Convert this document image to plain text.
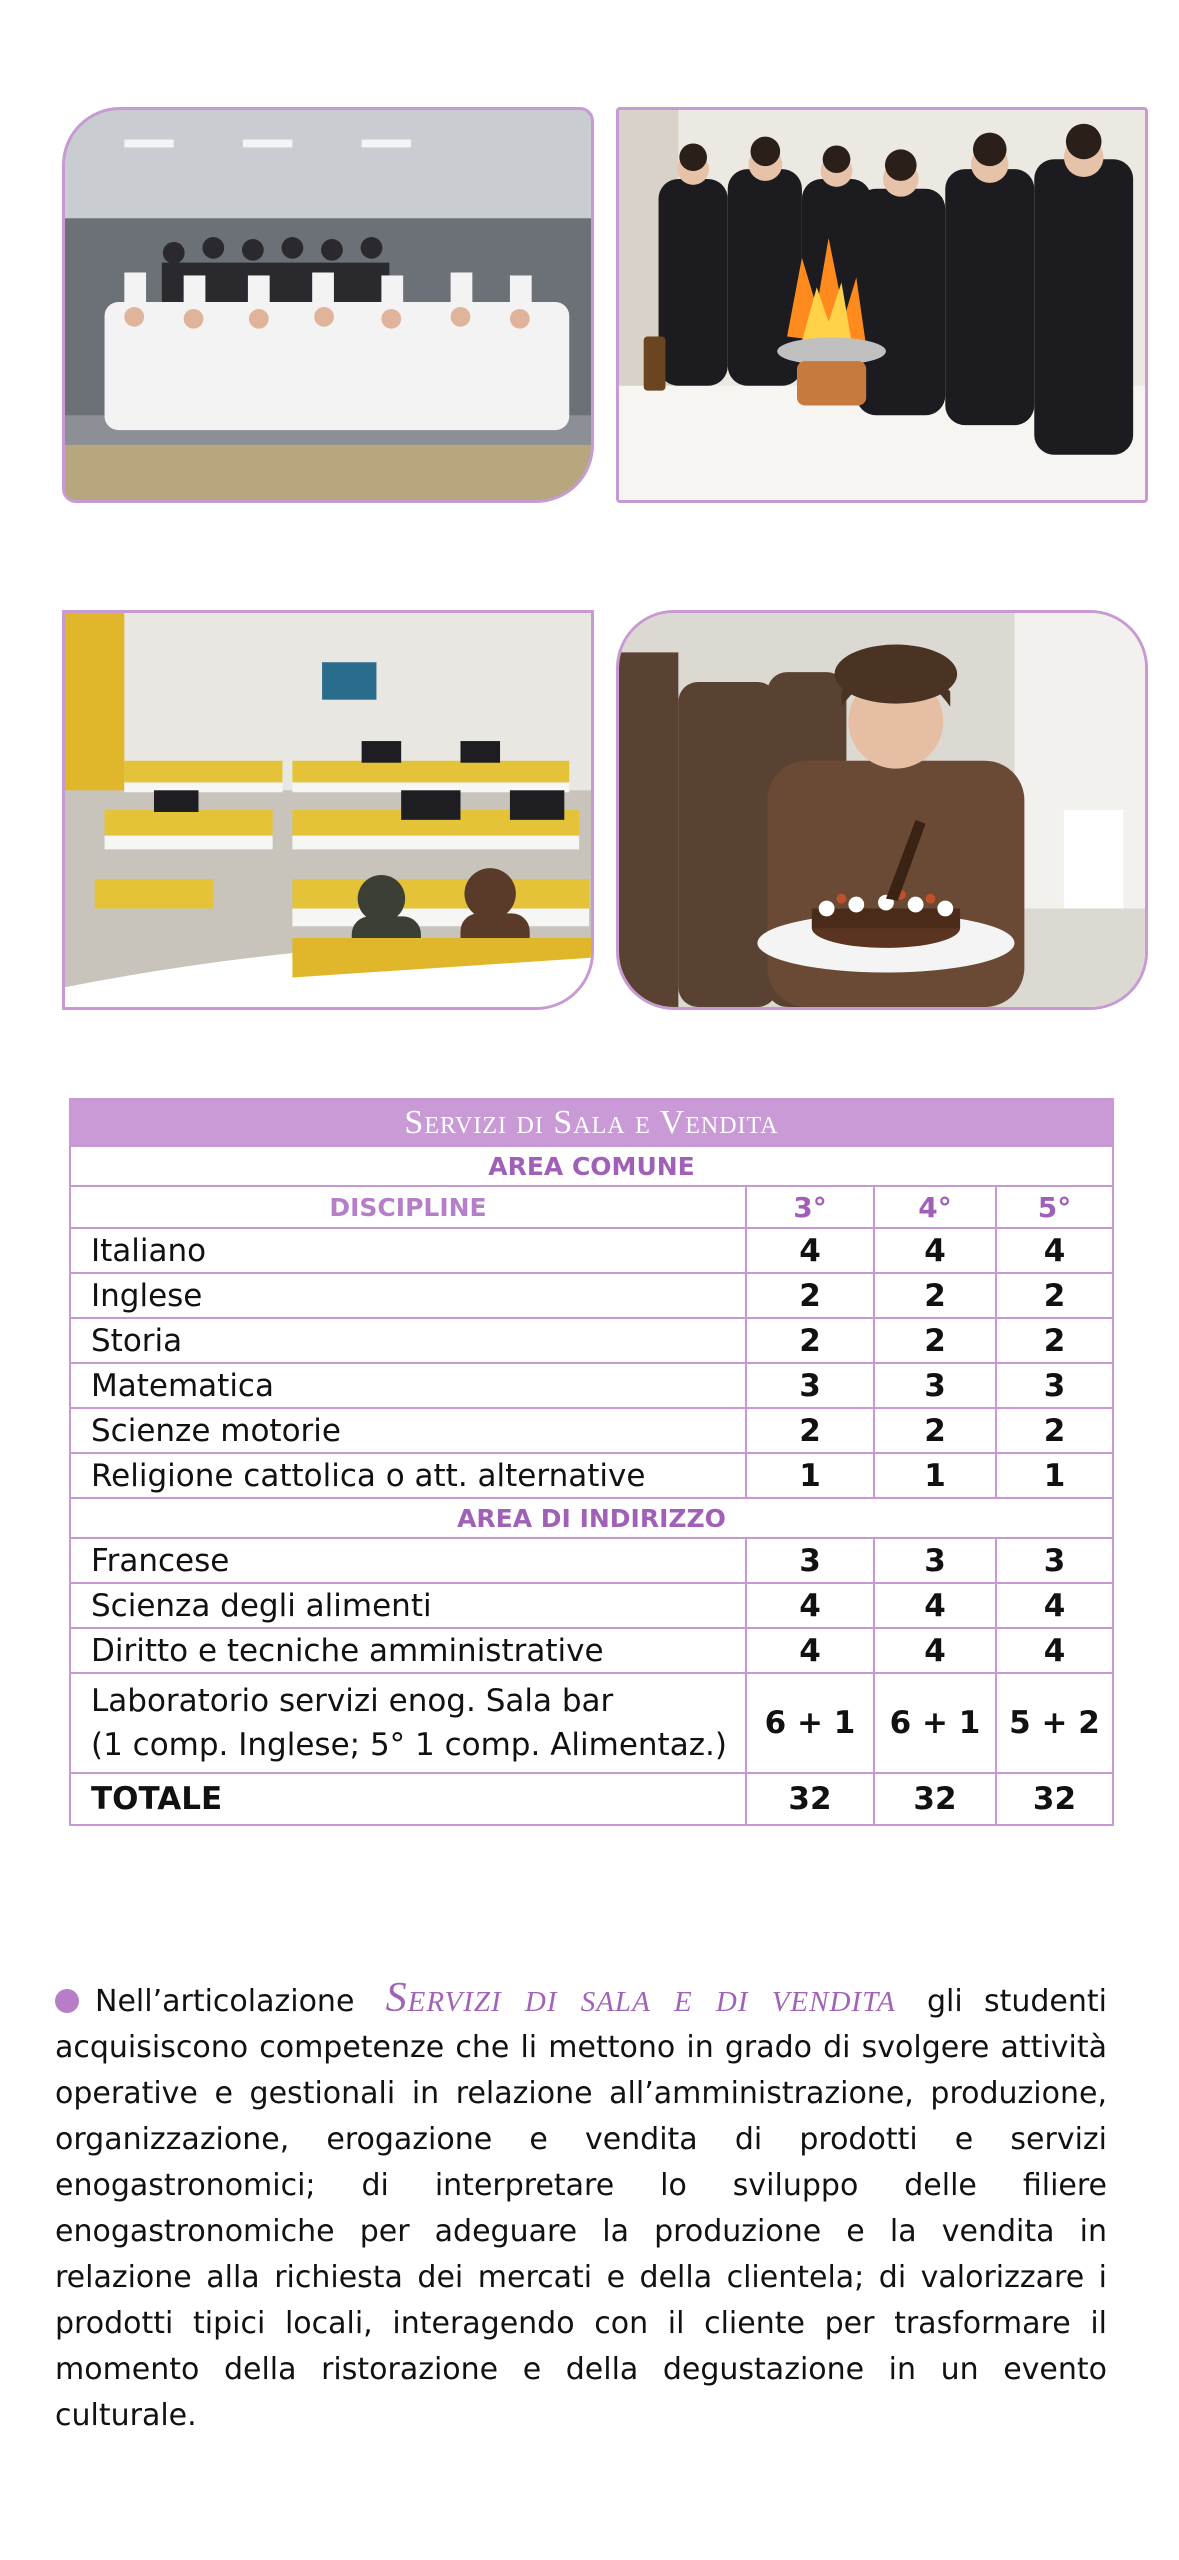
Servizi di Sala e Vendita			
AREA COMUNE			
DISCIPLINE	3°	4°	5°
Italiano	4	4	4
Inglese	2	2	2
Storia	2	2	2
Matematica	3	3	3
Scienze motorie	2	2	2
Religione cattolica o att. alternative	1	1	1
AREA DI INDIRIZZO			
Francese	3	3	3
Scienza degli alimenti	4	4	4
Diritto e tecniche amministrative	4	4	4

Laboratorio servizi enog. Sala bar
(1 comp. Inglese; 5° 1 comp. Alimentaz.)	6 + 1	6 + 1	5 + 2
TOTALE	32	32	32

Nell’articolazione Servizi di sala e di vendita gli studenti acquisiscono competenze che li mettono in grado di svolgere attività operative e gestionali in relazione all’amministrazione, produzione, organizzazione, erogazione e vendita di prodotti e servizi enogastronomici; di interpretare lo sviluppo delle filiere enogastronomiche per adeguare la produzione e la vendita in relazione alla richiesta dei mercati e della clientela; di valorizzare i prodotti tipici locali, interagendo con il cliente per trasformare il momento della ristorazione e della degustazione in un evento culturale.
